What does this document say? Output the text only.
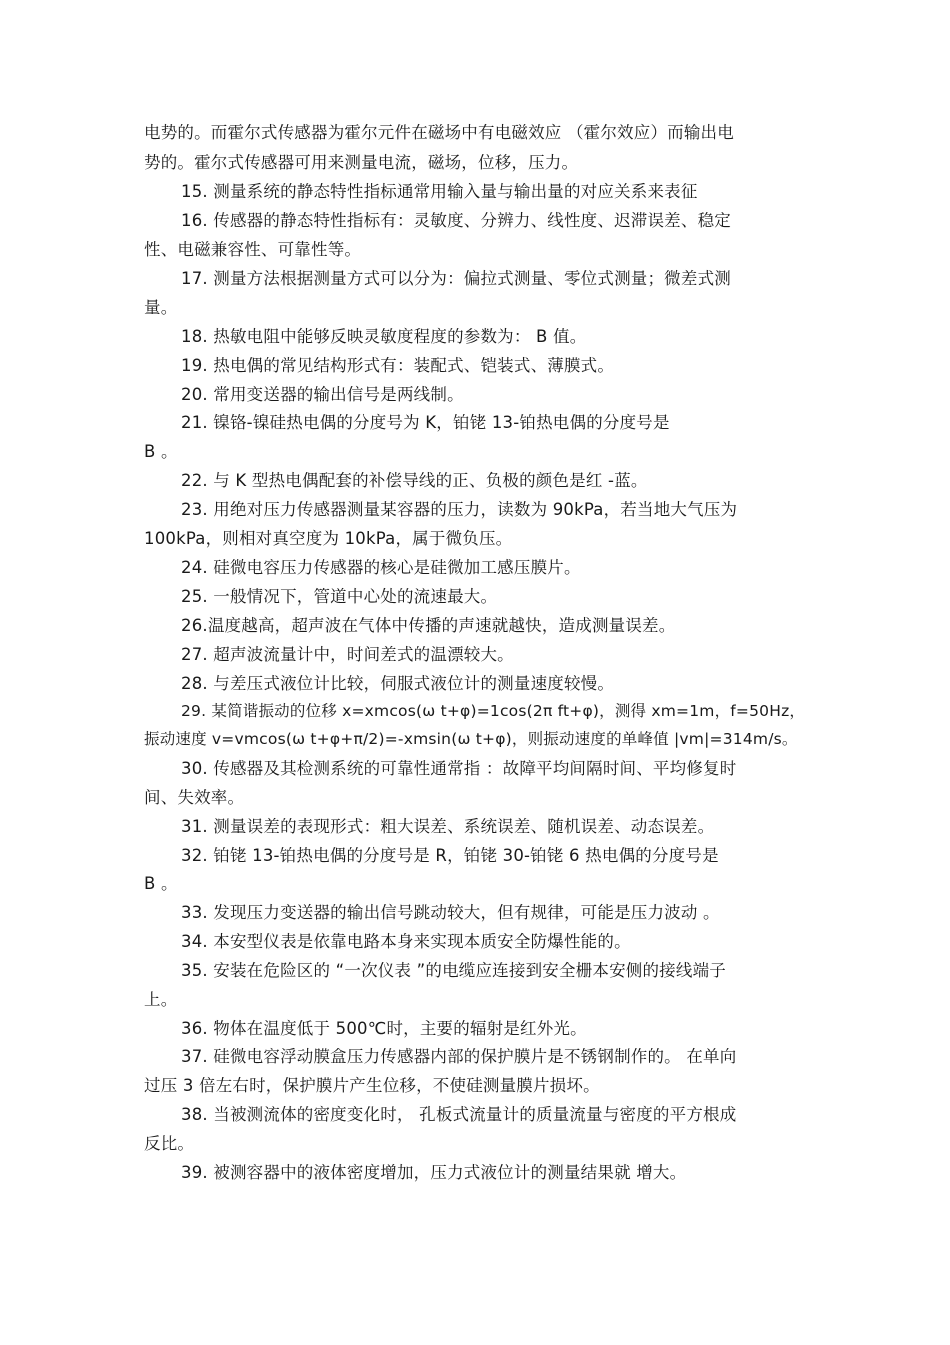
电势的。而霍尔式传感器为霍尔元件在磁场中有电磁效应 （霍尔效应）而输出电
势的。霍尔式传感器可用来测量电流，磁场，位移，压力。
15. 测量系统的静态特性指标通常用输入量与输出量的对应关系来表征
16. 传感器的静态特性指标有：灵敏度、分辨力、线性度、迟滞误差、稳定
性、电磁兼容性、可靠性等。
17. 测量方法根据测量方式可以分为：偏拉式测量、零位式测量；微差式测
量。
18. 热敏电阻中能够反映灵敏度程度的参数为： B 值。
19. 热电偶的常见结构形式有：装配式、铠装式、薄膜式。
20. 常用变送器的输出信号是两线制。
21. 镍铬-镍硅热电偶的分度号为 K，铂铑 13-铂热电偶的分度号是
B 。
22. 与 K 型热电偶配套的补偿导线的正、负极的颜色是红 -蓝。
23. 用绝对压力传感器测量某容器的压力，读数为 90kPa，若当地大气压为
100kPa，则相对真空度为 10kPa，属于微负压。
24. 硅微电容压力传感器的核心是硅微加工感压膜片。
25. 一般情况下，管道中心处的流速最大。
26.温度越高，超声波在气体中传播的声速就越快，造成测量误差。
27. 超声波流量计中，时间差式的温漂较大。
28. 与差压式液位计比较，伺服式液位计的测量速度较慢。
29. 某简谐振动的位移 x=xmcos(ω t+φ)=1cos(2π ft+φ)，测得 xm=1m，f=50Hz，
振动速度 v=vmcos(ω t+φ+π/2)=-xmsin(ω t+φ)，则振动速度的单峰值 |vm|=314m/s。
30. 传感器及其检测系统的可靠性通常指 ：故障平均间隔时间、平均修复时
间、失效率。
31. 测量误差的表现形式：粗大误差、系统误差、随机误差、动态误差。
32. 铂铑 13-铂热电偶的分度号是 R，铂铑 30-铂铑 6 热电偶的分度号是
B 。
33. 发现压力变送器的输出信号跳动较大，但有规律，可能是压力波动 。
34. 本安型仪表是依靠电路本身来实现本质安全防爆性能的。
35. 安装在危险区的 “一次仪表 ”的电缆应连接到安全栅本安侧的接线端子
上。
36. 物体在温度低于 500℃时，主要的辐射是红外光。
37. 硅微电容浮动膜盒压力传感器内部的保护膜片是不锈钢制作的。 在单向
过压 3 倍左右时，保护膜片产生位移，不使硅测量膜片损坏。
38. 当被测流体的密度变化时， 孔板式流量计的质量流量与密度的平方根成
反比。
39. 被测容器中的液体密度增加，压力式液位计的测量结果就 增大。
